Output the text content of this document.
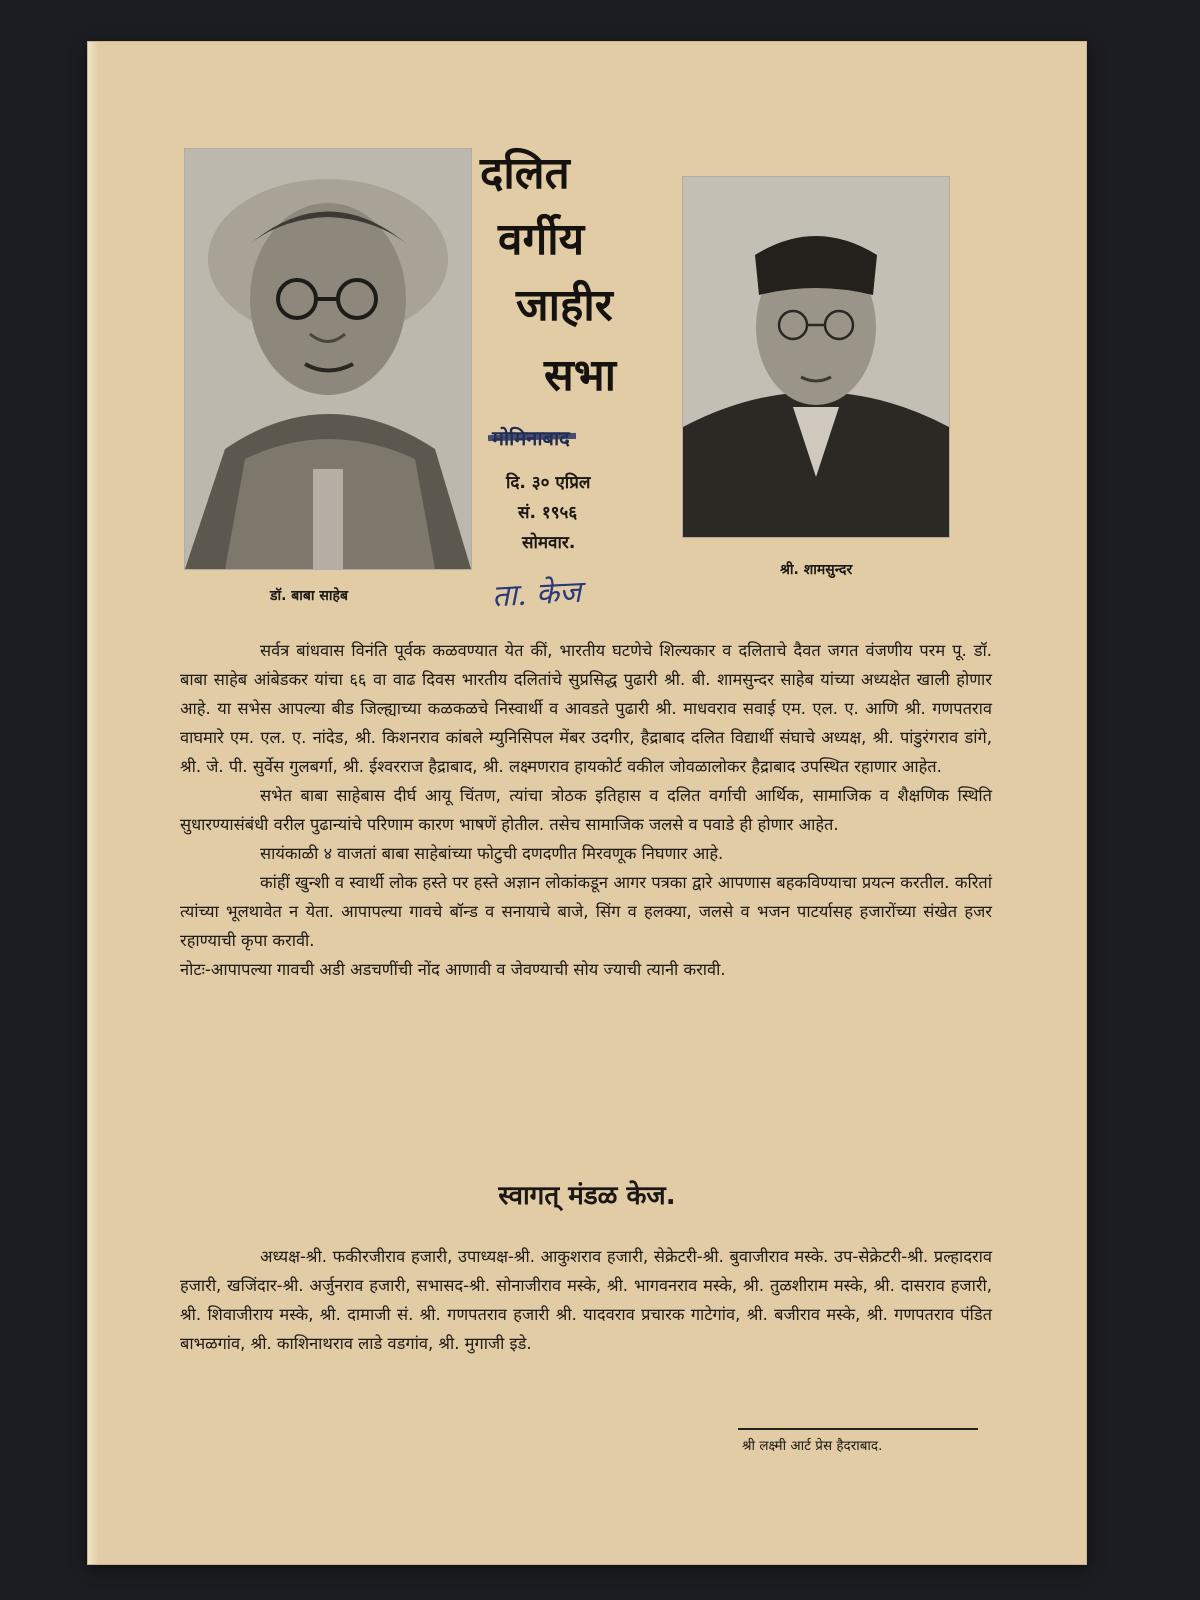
डॉ. बाबा साहेब
दलित
वर्गीय
जाहीर
सभा
दि. ३० एप्रिल
सं. १९५६
सोमवार.
ता. केज
श्री. शामसुन्दर

सर्वत्र बांधवास विनंति पूर्वक कळवण्यात येत कीं, भारतीय घटणेचे शिल्यकार व दलिताचे दैवत जगत वंजणीय परम पू. डॉ. बाबा साहेब आंबेडकर यांचा ६६ वा वाढ दिवस भारतीय दलितांचे सुप्रसिद्ध पुढारी श्री. बी. शामसुन्दर साहेब यांच्या अध्यक्षेत खाली होणार आहे. या सभेस आपल्या बीड जिल्ह्याच्या कळकळचे निस्वार्थी व आवडते पुढारी श्री. माधवराव सवाई एम. एल. ए. आणि श्री. गणपतराव वाघमारे एम. एल. ए. नांदेड, श्री. किशनराव कांबले म्युनिसिपल मेंबर उदगीर, हैद्राबाद दलित विद्यार्थी संघाचे अध्यक्ष, श्री. पांडुरंगराव डांगे, श्री. जे. पी. सुर्वेस गुलबर्गा, श्री. ईश्वरराज हैद्राबाद, श्री. लक्ष्मणराव हायकोर्ट वकील जोवळालोकर हैद्राबाद उपस्थित रहाणार आहेत.

सभेत बाबा साहेबास दीर्घ आयू चिंतण, त्यांचा त्रोठक इतिहास व दलित वर्गाची आर्थिक, सामाजिक व शैक्षणिक स्थिति सुधारण्यासंबंधी वरील पुढान्यांचे परिणाम कारण भाषणें होतील. तसेच सामाजिक जलसे व पवाडे ही होणार आहेत.

सायंकाळी ४ वाजतां बाबा साहेबांच्या फोटुची दणदणीत मिरवणूक निघणार आहे.

कांहीं खुन्शी व स्वार्थी लोक हस्ते पर हस्ते अज्ञान लोकांकडून आगर पत्रका द्वारे आपणास बहकविण्याचा प्रयत्न करतील. करितां त्यांच्या भूलथावेत न येता. आपापल्या गावचे बॉन्ड व सनायाचे बाजे, सिंग व हलक्या, जलसे व भजन पाटर्यासह हजारोंच्या संखेत हजर रहाण्याची कृपा करावी.

नोटः-आपापल्या गावची अडी अडचणींची नोंद आणावी व जेवण्याची सोय ज्याची त्यानी करावी.

स्वागत् मंडळ केज.

अध्यक्ष-श्री. फकीरजीराव हजारी, उपाध्यक्ष-श्री. आकुशराव हजारी, सेक्रेटरी-श्री. बुवाजीराव मस्के. उप-सेक्रेटरी-श्री. प्रल्हादराव हजारी, खजिंदार-श्री. अर्जुनराव हजारी, सभासद-श्री. सोनाजीराव मस्के, श्री. भागवनराव मस्के, श्री. तुळशीराम मस्के, श्री. दासराव हजारी, श्री. शिवाजीराय मस्के, श्री. दामाजी सं. श्री. गणपतराव हजारी श्री. यादवराव प्रचारक गाटेगांव, श्री. बजीराव मस्के, श्री. गणपतराव पंडित बाभळगांव, श्री. काशिनाथराव लाडे वडगांव, श्री. मुगाजी इडे.

श्री लक्ष्मी आर्ट प्रेस हैदराबाद.
